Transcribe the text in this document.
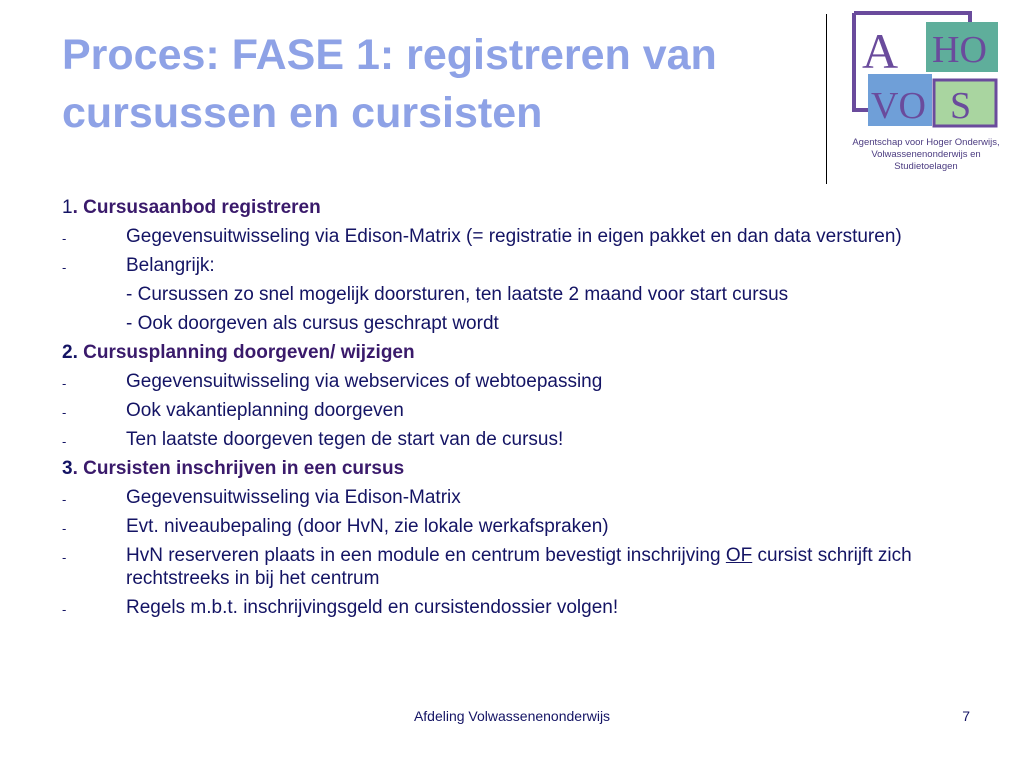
Proces: FASE 1: registreren van cursussen en cursisten
A HO
VO S
Agentschap voor Hoger Onderwijs,
Volwassenenonderwijs en Studietoelagen
1. Cursusaanbod registreren
-	Gegevensuitwisseling via Edison-Matrix (= registratie in eigen pakket en dan data versturen)
-	Belangrijk:
- Cursussen zo snel mogelijk doorsturen, ten laatste 2 maand voor start cursus
- Ook doorgeven als cursus geschrapt wordt
2. Cursusplanning doorgeven/ wijzigen
-	Gegevensuitwisseling via webservices of webtoepassing
-	Ook vakantieplanning doorgeven
-	Ten laatste doorgeven tegen de start van de cursus!
3. Cursisten inschrijven in een cursus
-	Gegevensuitwisseling via Edison-Matrix
-	Evt. niveaubepaling (door HvN, zie lokale werkafspraken)
-	HvN reserveren plaats in een module en centrum bevestigt inschrijving OF cursist schrijft zich rechtstreeks in bij het centrum
-	Regels m.b.t. inschrijvingsgeld en cursistendossier volgen!
Afdeling Volwassenenonderwijs	7
